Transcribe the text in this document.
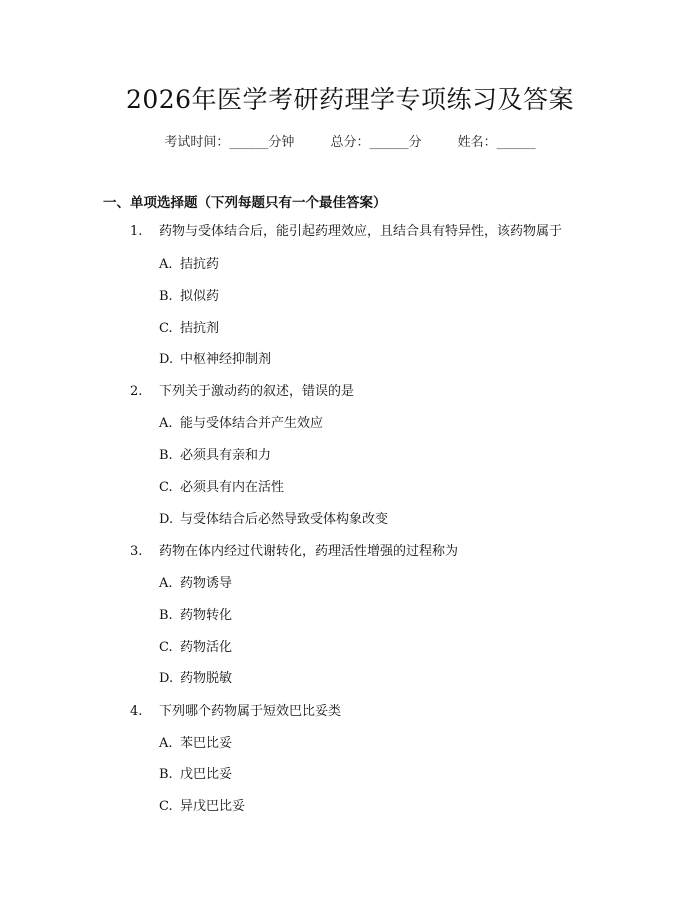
2026年医学考研药理学专项练习及答案
考试时间：______分钟	总分：______分	姓名：______
一、单项选择题（下列每题只有一个最佳答案）
1. 药物与受体结合后，能引起药理效应，且结合具有特异性，该药物属于
A. 拮抗药
B. 拟似药
C. 拮抗剂
D. 中枢神经抑制剂
2. 下列关于激动药的叙述，错误的是
A. 能与受体结合并产生效应
B. 必须具有亲和力
C. 必须具有内在活性
D. 与受体结合后必然导致受体构象改变
3. 药物在体内经过代谢转化，药理活性增强的过程称为
A. 药物诱导
B. 药物转化
C. 药物活化
D. 药物脱敏
4. 下列哪个药物属于短效巴比妥类
A. 苯巴比妥
B. 戊巴比妥
C. 异戊巴比妥
